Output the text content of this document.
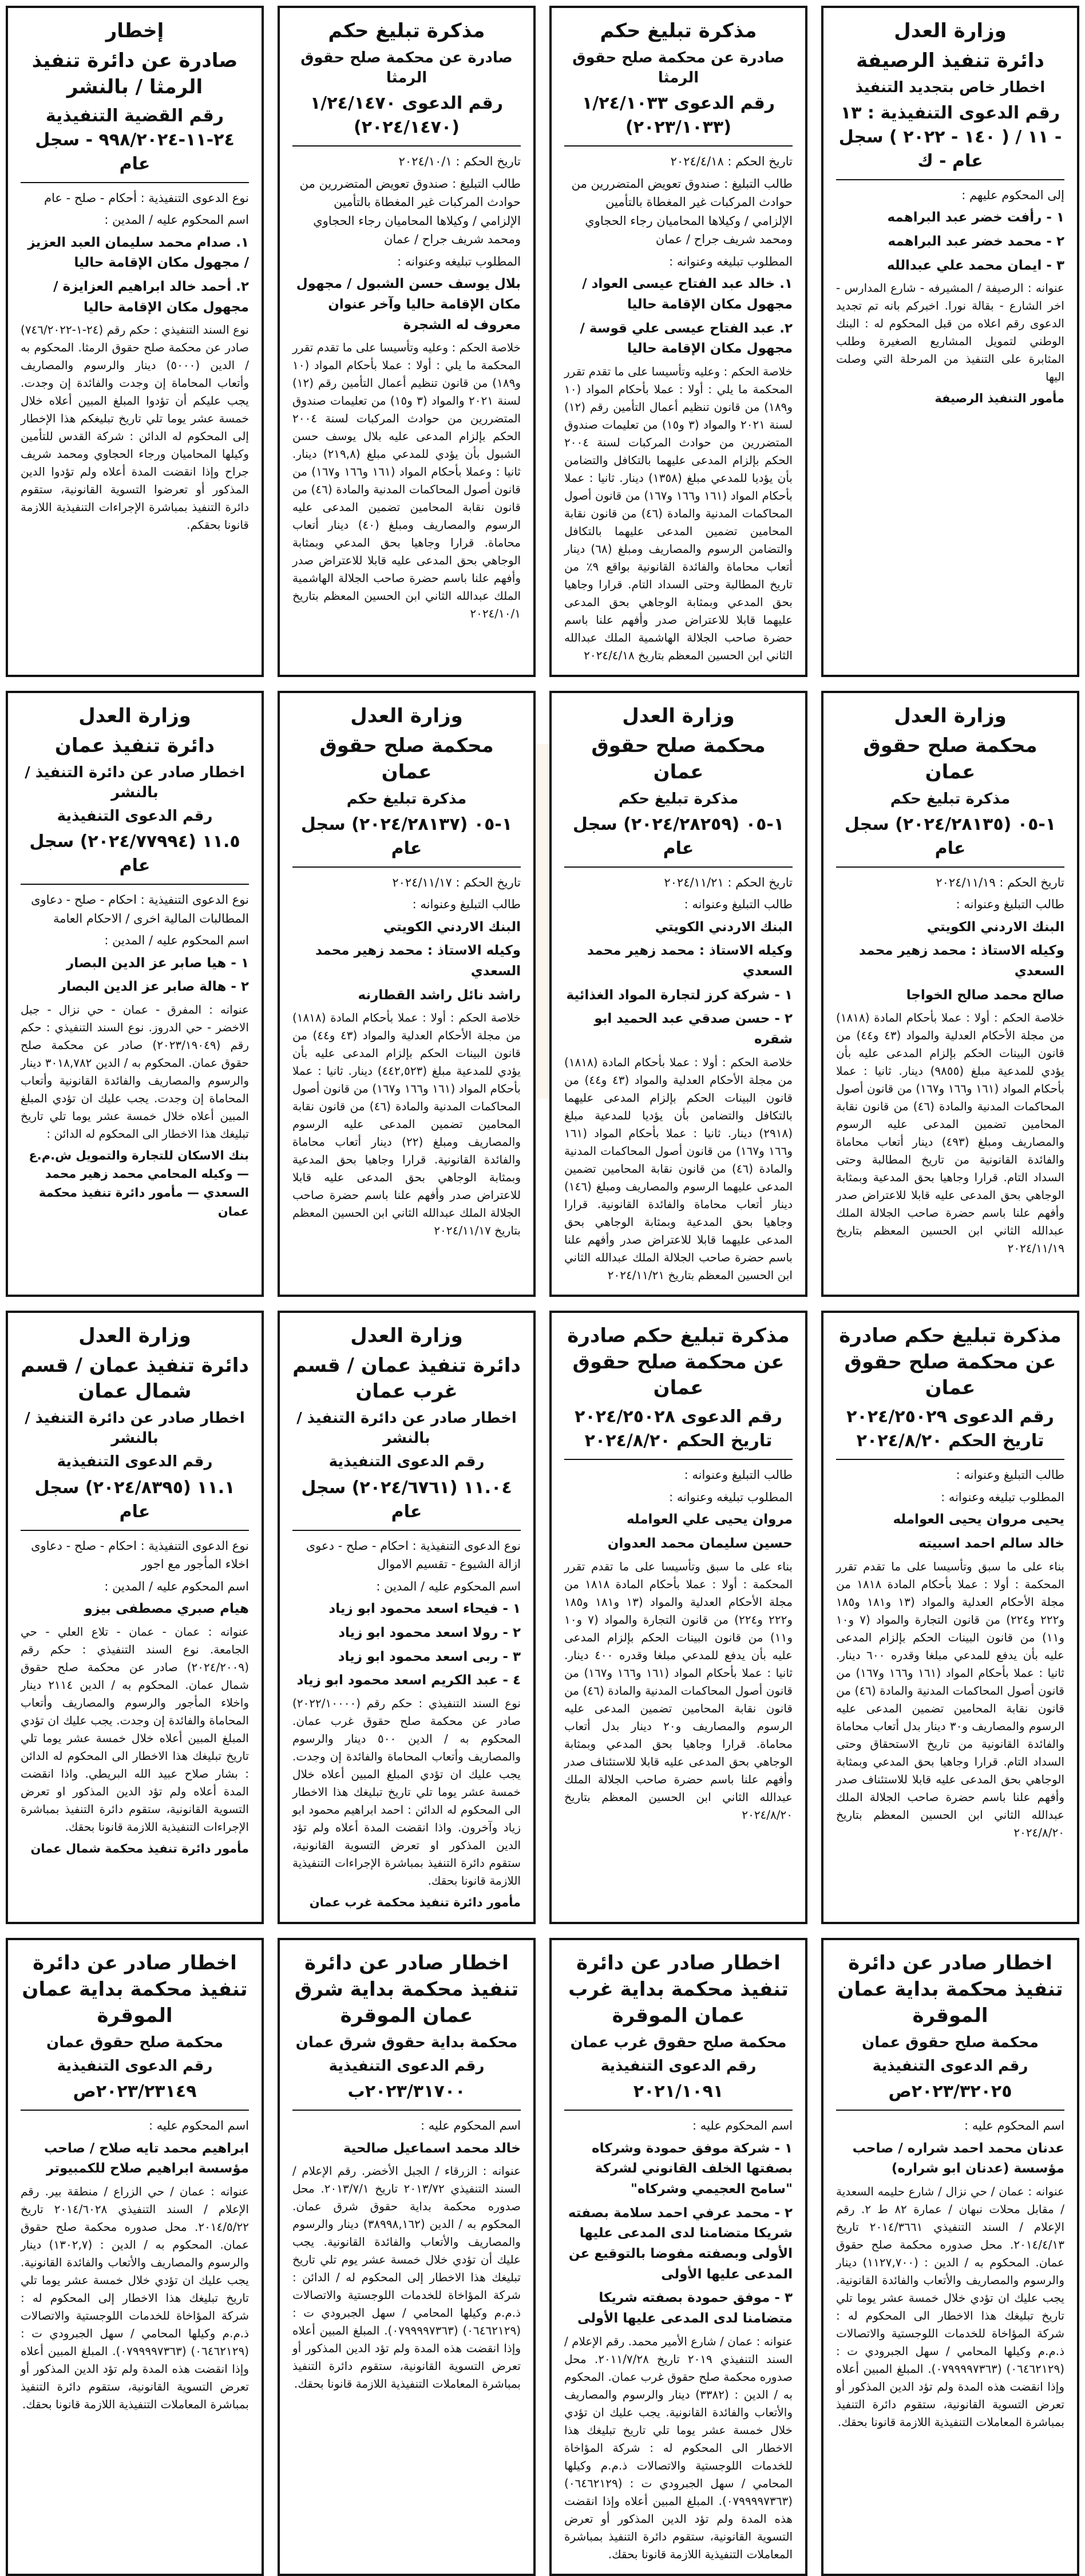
إخطار
صادرة عن دائرة تنفيذ الرمثا / بالنشر
رقم القضية التنفيذية ٢٤-١١-٩٩٨/٢٠٢٤ - سجل عام
نوع الدعوى التنفيذية : أحكام - صلح - عام
اسم المحكوم عليه / المدين :
١. صدام محمد سليمان العبد العزيز / مجهول مكان الإقامة حاليا
٢. أحمد خالد ابراهيم العزايزة / مجهول مكان الإقامة حاليا
نوع السند التنفيذي : حكم رقم (٢٤-١-٧٤٦/٢٠٢٢) صادر عن محكمة صلح حقوق الرمثا. المحكوم به / الدين (٥٠٠٠) دينار والرسوم والمصاريف وأتعاب المحاماة إن وجدت والفائدة إن وجدت. يجب عليكم أن تؤدوا المبلغ المبين أعلاه خلال خمسة عشر يوما تلي تاريخ تبليغكم هذا الإخطار إلى المحكوم له الدائن : شركة القدس للتأمين وكيلها المحاميان ورجاء الحجاوي ومحمد شريف جراح وإذا انقضت المدة أعلاه ولم تؤدوا الدين المذكور أو تعرضوا التسوية القانونية، ستقوم دائرة التنفيذ بمباشرة الإجراءات التنفيذية اللازمة قانونا بحقكم.
مذكرة تبليغ حكم
صادرة عن محكمة صلح حقوق الرمثا
رقم الدعوى ١/٢٤/١٤٧٠ (٢٠٢٤/١٤٧٠)
تاريخ الحكم : ٢٠٢٤/١٠/١
طالب التبليغ : صندوق تعويض المتضررين من حوادث المركبات غير المغطاة بالتأمين الإلزامي / وكيلاها المحاميان رجاء الحجاوي ومحمد شريف جراح / عمان
المطلوب تبليغه وعنوانه :
بلال يوسف حسن الشبول / مجهول مكان الإقامة حاليا وآخر عنوان معروف له الشجرة
خلاصة الحكم : وعليه وتأسيسا على ما تقدم تقرر المحكمة ما يلي : أولا : عملا بأحكام المواد (١٠ و١٨٩) من قانون تنظيم أعمال التأمين رقم (١٢) لسنة ٢٠٢١ والمواد (٣ و١٥) من تعليمات صندوق المتضررين من حوادث المركبات لسنة ٢٠٠٤ الحكم بإلزام المدعى عليه بلال يوسف حسن الشبول بأن يؤدي للمدعي مبلغ (٢١٩,٨) دينار. ثانيا : وعملا بأحكام المواد (١٦١ و١٦٦ و١٦٧) من قانون أصول المحاكمات المدنية والمادة (٤٦) من قانون نقابة المحامين تضمين المدعى عليه الرسوم والمصاريف ومبلغ (٤٠) دينار أتعاب محاماة. قرارا وجاهيا بحق المدعي وبمثابة الوجاهي بحق المدعى عليه قابلا للاعتراض صدر وأفهم علنا باسم حضرة صاحب الجلالة الهاشمية الملك عبدالله الثاني ابن الحسين المعظم بتاريخ ٢٠٢٤/١٠/١
مذكرة تبليغ حكم
صادرة عن محكمة صلح حقوق الرمثا
رقم الدعوى ١/٢٤/١٠٣٣ (٢٠٢٣/١٠٣٣)
تاريخ الحكم : ٢٠٢٤/٤/١٨
طالب التبليغ : صندوق تعويض المتضررين من حوادث المركبات غير المغطاة بالتأمين الإلزامي / وكيلاها المحاميان رجاء الحجاوي ومحمد شريف جراح / عمان
المطلوب تبليغه وعنوانه :
١. خالد عبد الفتاح عيسى العواد / مجهول مكان الإقامة حاليا
٢. عبد الفتاح عيسى علي قوسة / مجهول مكان الإقامة حاليا
خلاصة الحكم : وعليه وتأسيسا على ما تقدم تقرر المحكمة ما يلي : أولا : عملا بأحكام المواد (١٠ و١٨٩) من قانون تنظيم أعمال التأمين رقم (١٢) لسنة ٢٠٢١ والمواد (٣ و١٥) من تعليمات صندوق المتضررين من حوادث المركبات لسنة ٢٠٠٤ الحكم بإلزام المدعى عليهما بالتكافل والتضامن بأن يؤديا للمدعي مبلغ (١٣٥٨) دينار. ثانيا : عملا بأحكام المواد (١٦١ و١٦٦ و١٦٧) من قانون أصول المحاكمات المدنية والمادة (٤٦) من قانون نقابة المحامين تضمين المدعى عليهما بالتكافل والتضامن الرسوم والمصاريف ومبلغ (٦٨) دينار أتعاب محاماة والفائدة القانونية بواقع ٩٪ من تاريخ المطالبة وحتى السداد التام. قرارا وجاهيا بحق المدعي وبمثابة الوجاهي بحق المدعى عليهما قابلا للاعتراض صدر وأفهم علنا باسم حضرة صاحب الجلالة الهاشمية الملك عبدالله الثاني ابن الحسين المعظم بتاريخ ٢٠٢٤/٤/١٨
وزارة العدل
دائرة تنفيذ الرصيفة
اخطار خاص بتجديد التنفيذ
رقم الدعوى التنفيذية : ١٣ - ١١ / ( ١٤٠ - ٢٠٢٢ ) سجل عام - ك
إلى المحكوم عليهم :
١ - رأفت خضر عبد البراهمه
٢ - محمد خضر عبد البراهمه
٣ - ايمان محمد علي عبدالله
عنوانه : الرصيفة / المشيرفه - شارع المدارس - اخر الشارع - بقالة نورا. اخبركم بانه تم تجديد الدعوى رقم اعلاه من قبل المحكوم له : البنك الوطني لتمويل المشاريع الصغيرة وطلب المثابرة على التنفيذ من المرحلة التي وصلت اليها
مأمور التنفيذ الرصيفة
وزارة العدل
دائرة تنفيذ عمان
اخطار صادر عن دائرة التنفيذ / بالنشر
رقم الدعوى التنفيذية
١١.٥ (٢٠٢٤/٧٧٩٩٤) سجل عام
نوع الدعوى التنفيذية : احكام - صلح - دعاوى المطالبات المالية اخرى / الاحكام العامة
اسم المحكوم عليه / المدين :
١ - هيا صابر عز الدين البصار
٢ - هالة صابر عز الدين البصار
عنوانه : المفرق - عمان - حي نزال - جبل الاخضر - حي الدروز. نوع السند التنفيذي : حكم رقم (٢٠٢٣/١٩٠٤٩) صادر عن محكمة صلح حقوق عمان. المحكوم به / الدين ٣٠١٨,٧٨٢ دينار والرسوم والمصاريف والفائدة القانونية وأتعاب المحاماة إن وجدت. يجب عليك ان تؤدي المبلغ المبين أعلاه خلال خمسة عشر يوما تلي تاريخ تبليغك هذا الاخطار الى المحكوم له الدائن :
بنك الاسكان للتجارة والتمويل ش.م.ع — وكيله المحامي محمد زهير محمد السعدي — مأمور دائرة تنفيذ محكمة عمان
وزارة العدل
محكمة صلح حقوق عمان
مذكرة تبليغ حكم
١-٠٥ (٢٠٢٤/٢٨١٣٧) سجل عام
تاريخ الحكم : ٢٠٢٤/١١/١٧
طالب التبليغ وعنوانه :
البنك الاردني الكويتي
وكيله الاستاذ : محمد زهير محمد السعدي
راشد نائل راشد القطارنه
خلاصة الحكم : أولا : عملا بأحكام المادة (١٨١٨) من مجلة الأحكام العدلية والمواد (٤٣ و٤٤) من قانون البينات الحكم بإلزام المدعى عليه بأن يؤدي للمدعية مبلغ (٤٤٢,٥٢٣) دينار. ثانيا : عملا بأحكام المواد (١٦١ و١٦٦ و١٦٧) من قانون أصول المحاكمات المدنية والمادة (٤٦) من قانون نقابة المحامين تضمين المدعى عليه الرسوم والمصاريف ومبلغ (٢٢) دينار أتعاب محاماة والفائدة القانونية. قرارا وجاهيا بحق المدعية وبمثابة الوجاهي بحق المدعى عليه قابلا للاعتراض صدر وأفهم علنا باسم حضرة صاحب الجلالة الملك عبدالله الثاني ابن الحسين المعظم بتاريخ ٢٠٢٤/١١/١٧
وزارة العدل
محكمة صلح حقوق عمان
مذكرة تبليغ حكم
١-٠٥ (٢٠٢٤/٢٨٢٥٩) سجل عام
تاريخ الحكم : ٢٠٢٤/١١/٢١
طالب التبليغ وعنوانه :
البنك الاردني الكويتي
وكيله الاستاذ : محمد زهير محمد السعدي
١ - شركة كرز لتجارة المواد الغذائية
٢ - حسن صدقي عبد الحميد ابو شقره
خلاصة الحكم : أولا : عملا بأحكام المادة (١٨١٨) من مجلة الأحكام العدلية والمواد (٤٣ و٤٤) من قانون البينات الحكم بإلزام المدعى عليهما بالتكافل والتضامن بأن يؤديا للمدعية مبلغ (٢٩١٨) دينار. ثانيا : عملا بأحكام المواد (١٦١ و١٦٦ و١٦٧) من قانون أصول المحاكمات المدنية والمادة (٤٦) من قانون نقابة المحامين تضمين المدعى عليهما الرسوم والمصاريف ومبلغ (١٤٦) دينار أتعاب محاماة والفائدة القانونية. قرارا وجاهيا بحق المدعية وبمثابة الوجاهي بحق المدعى عليهما قابلا للاعتراض صدر وأفهم علنا باسم حضرة صاحب الجلالة الملك عبدالله الثاني ابن الحسين المعظم بتاريخ ٢٠٢٤/١١/٢١
وزارة العدل
محكمة صلح حقوق عمان
مذكرة تبليغ حكم
١-٠٥ (٢٠٢٤/٢٨١٣٥) سجل عام
تاريخ الحكم : ٢٠٢٤/١١/١٩
طالب التبليغ وعنوانه :
البنك الاردني الكويتي
وكيله الاستاذ : محمد زهير محمد السعدي
صالح محمد صالح الخواجا
خلاصة الحكم : أولا : عملا بأحكام المادة (١٨١٨) من مجلة الأحكام العدلية والمواد (٤٣ و٤٤) من قانون البينات الحكم بإلزام المدعى عليه بأن يؤدي للمدعية مبلغ (٩٨٥٥) دينار. ثانيا : عملا بأحكام المواد (١٦١ و١٦٦ و١٦٧) من قانون أصول المحاكمات المدنية والمادة (٤٦) من قانون نقابة المحامين تضمين المدعى عليه الرسوم والمصاريف ومبلغ (٤٩٣) دينار أتعاب محاماة والفائدة القانونية من تاريخ المطالبة وحتى السداد التام. قرارا وجاهيا بحق المدعية وبمثابة الوجاهي بحق المدعى عليه قابلا للاعتراض صدر وأفهم علنا باسم حضرة صاحب الجلالة الملك عبدالله الثاني ابن الحسين المعظم بتاريخ ٢٠٢٤/١١/١٩
وزارة العدل
دائرة تنفيذ عمان / قسم شمال عمان
اخطار صادر عن دائرة التنفيذ / بالنشر
رقم الدعوى التنفيذية
١١.١ (٢٠٢٤/٨٣٩٥) سجل عام
نوع الدعوى التنفيذية : احكام - صلح - دعاوى اخلاء المأجور مع اجور
اسم المحكوم عليه / المدين :
هيام صبري مصطفى بيزو
عنوانه : عمان - عمان - تلاع العلي - حي الجامعة. نوع السند التنفيذي : حكم رقم (٢٠٢٤/٢٠٠٩) صادر عن محكمة صلح حقوق شمال عمان. المحكوم به / الدين ٢١١٤ دينار واخلاء المأجور والرسوم والمصاريف وأتعاب المحاماة والفائدة إن وجدت. يجب عليك ان تؤدي المبلغ المبين أعلاه خلال خمسة عشر يوما تلي تاريخ تبليغك هذا الاخطار الى المحكوم له الدائن : بشار صلاح عبيد الله البريطي. واذا انقضت المدة أعلاه ولم تؤد الدين المذكور او تعرض التسوية القانونية، ستقوم دائرة التنفيذ بمباشرة الإجراءات التنفيذية اللازمة قانونا بحقك.
مأمور دائرة تنفيذ محكمة شمال عمان
وزارة العدل
دائرة تنفيذ عمان / قسم غرب عمان
اخطار صادر عن دائرة التنفيذ / بالنشر
رقم الدعوى التنفيذية
١١.٠٤ (٢٠٢٤/٦٧٦١) سجل عام
نوع الدعوى التنفيذية : احكام - صلح - دعوى ازالة الشيوع - تقسيم الاموال
اسم المحكوم عليه / المدين :
١ - فيحاء اسعد محمود ابو زياد
٢ - رولا اسعد محمود ابو زياد
٣ - ربى اسعد محمود ابو زياد
٤ - عبد الكريم اسعد محمود ابو زياد
نوع السند التنفيذي : حكم رقم (٢٠٢٢/١٠٠٠٠) صادر عن محكمة صلح حقوق غرب عمان. المحكوم به / الدين ٥٠٠ دينار والرسوم والمصاريف وأتعاب المحاماة والفائدة إن وجدت. يجب عليك ان تؤدي المبلغ المبين أعلاه خلال خمسة عشر يوما تلي تاريخ تبليغك هذا الاخطار الى المحكوم له الدائن : احمد ابراهيم محمود ابو زياد وآخرون. واذا انقضت المدة أعلاه ولم تؤد الدين المذكور او تعرض التسوية القانونية، ستقوم دائرة التنفيذ بمباشرة الإجراءات التنفيذية اللازمة قانونا بحقك.
مأمور دائرة تنفيذ محكمة غرب عمان
مذكرة تبليغ حكم صادرة عن محكمة صلح حقوق عمان
رقم الدعوى ٢٠٢٤/٢٥٠٢٨ تاريخ الحكم ٢٠٢٤/٨/٢٠
طالب التبليغ وعنوانه :
المطلوب تبليغه وعنوانه :
مروان يحيى علي العوامله
حسين سليمان محمد العدوان
بناء على ما سبق وتأسيسا على ما تقدم تقرر المحكمة : أولا : عملا بأحكام المادة ١٨١٨ من مجلة الأحكام العدلية والمواد (١٣ و١٨١ و١٨٥ و٢٢٢ و٢٢٤) من قانون التجارة والمواد (٧ و١٠ و١١) من قانون البينات الحكم بإلزام المدعى عليه بأن يدفع للمدعي مبلغا وقدره ٤٠٠ دينار. ثانيا : عملا بأحكام المواد (١٦١ و١٦٦ و١٦٧) من قانون أصول المحاكمات المدنية والمادة (٤٦) من قانون نقابة المحامين تضمين المدعى عليه الرسوم والمصاريف و٢٠ دينار بدل أتعاب محاماة. قرارا وجاهيا بحق المدعي وبمثابة الوجاهي بحق المدعى عليه قابلا للاستئناف صدر وأفهم علنا باسم حضرة صاحب الجلالة الملك عبدالله الثاني ابن الحسين المعظم بتاريخ ٢٠٢٤/٨/٢٠
مذكرة تبليغ حكم صادرة عن محكمة صلح حقوق عمان
رقم الدعوى ٢٠٢٤/٢٥٠٢٩ تاريخ الحكم ٢٠٢٤/٨/٢٠
طالب التبليغ وعنوانه :
المطلوب تبليغه وعنوانه :
يحيى مروان يحيى العوامله
خالد سالم احمد اسبيته
بناء على ما سبق وتأسيسا على ما تقدم تقرر المحكمة : أولا : عملا بأحكام المادة ١٨١٨ من مجلة الأحكام العدلية والمواد (١٣ و١٨١ و١٨٥ و٢٢٢ و٢٢٤) من قانون التجارة والمواد (٧ و١٠ و١١) من قانون البينات الحكم بإلزام المدعى عليه بأن يدفع للمدعي مبلغا وقدره ٦٠٠ دينار. ثانيا : عملا بأحكام المواد (١٦١ و١٦٦ و١٦٧) من قانون أصول المحاكمات المدنية والمادة (٤٦) من قانون نقابة المحامين تضمين المدعى عليه الرسوم والمصاريف و٣٠ دينار بدل أتعاب محاماة والفائدة القانونية من تاريخ الاستحقاق وحتى السداد التام. قرارا وجاهيا بحق المدعي وبمثابة الوجاهي بحق المدعى عليه قابلا للاستئناف صدر وأفهم علنا باسم حضرة صاحب الجلالة الملك عبدالله الثاني ابن الحسين المعظم بتاريخ ٢٠٢٤/٨/٢٠
اخطار صادر عن دائرة تنفيذ محكمة بداية عمان الموقرة
محكمة صلح حقوق عمان
رقم الدعوى التنفيذية
٢٠٢٣/٢٣١٤٩ص
اسم المحكوم عليه :
ابراهيم محمد تايه صلاح / صاحب مؤسسة ابراهيم صلاح للكمبيوتر
عنوانه : عمان / حي الزراع / منطقة بير. رقم الإعلام / السند التنفيذي ٢٠١٤/٦٠٢٨ تاريخ ٢٠١٤/٥/٢٢. محل صدوره محكمة صلح حقوق عمان. المحكوم به / الدين : (١٣٠٢,٧) دينار والرسوم والمصاريف والأتعاب والفائدة القانونية. يجب عليك ان تؤدي خلال خمسة عشر يوما تلي تاريخ تبليغك هذا الاخطار إلى المحكوم له : شركة المؤاخاة للخدمات اللوجستية والاتصالات ذ.م.م وكيلها المحامي / سهل الجبرودي ت : (٠٦٤٦٢١٢٩) (٠٧٩٩٩٩٧٣٦٣). المبلغ المبين أعلاه وإذا انقضت هذه المدة ولم تؤد الدين المذكور أو تعرض التسوية القانونية، ستقوم دائرة التنفيذ بمباشرة المعاملات التنفيذية اللازمة قانونا بحقك.
اخطار صادر عن دائرة تنفيذ محكمة بداية شرق عمان الموقرة
محكمة بداية حقوق شرق عمان
رقم الدعوى التنفيذية
٢٠٢٣/٣١٧٠٠ب
اسم المحكوم عليه :
خالد محمد اسماعيل صالحية
عنوانه : الزرقاء / الجبل الأخضر. رقم الإعلام / السند التنفيذي ٢٠١٣/٧٢ تاريخ ٢٠١٣/٧/١. محل صدوره محكمة بداية حقوق شرق عمان. المحكوم به / الدين (٣٨٩٩٨,١٦٢) دينار والرسوم والمصاريف والأتعاب والفائدة القانونية. يجب عليك أن تؤدي خلال خمسة عشر يوم تلي تاريخ تبليغك هذا الاخطار إلى المحكوم له / الدائن : شركة المؤاخاة للخدمات اللوجستية والاتصالات ذ.م.م وكيلها المحامي / سهل الجبرودي ت : (٠٦٤٦٢١٢٩) (٠٧٩٩٩٩٧٣٦٣). المبلغ المبين أعلاه وإذا انقضت هذه المدة ولم تؤد الدين المذكور أو تعرض التسوية القانونية، ستقوم دائرة التنفيذ بمباشرة المعاملات التنفيذية اللازمة قانونا بحقك.
اخطار صادر عن دائرة تنفيذ محكمة بداية غرب عمان الموقرة
محكمة صلح حقوق غرب عمان
رقم الدعوى التنفيذية
٢٠٢١/١٠٩١
اسم المحكوم عليه :
١ - شركة موفق حمودة وشركاه بصفتها الخلف القانوني لشركة "سامح العجيمي وشركاه"
٢ - محمد عرفي احمد سلامة بصفته شريكا متضامنا لدى المدعى عليها الأولى وبصفته مفوضا بالتوقيع عن المدعى عليها الأولى
٣ - موفق حمودة بصفته شريكا متضامنا لدى المدعى عليها الأولى
عنوانه : عمان / شارع الأمير محمد. رقم الإعلام / السند التنفيذي ٢٠١٩ تاريخ ٢٠١١/٧/٢٨. محل صدوره محكمة صلح حقوق غرب عمان. المحكوم به / الدين : (٣٣٨٢) دينار والرسوم والمصاريف والأتعاب والفائدة القانونية. يجب عليك ان تؤدي خلال خمسة عشر يوما تلي تاريخ تبليغك هذا الاخطار الى المحكوم له : شركة المؤاخاة للخدمات اللوجستية والاتصالات ذ.م.م وكيلها المحامي / سهل الجبرودي ت : (٠٦٤٦٢١٢٩) (٠٧٩٩٩٩٧٣٦٣). المبلغ المبين أعلاه وإذا انقضت هذه المدة ولم تؤد الدين المذكور أو تعرض التسوية القانونية، ستقوم دائرة التنفيذ بمباشرة المعاملات التنفيذية اللازمة قانونا بحقك.
اخطار صادر عن دائرة تنفيذ محكمة بداية عمان الموقرة
محكمة صلح حقوق عمان
رقم الدعوى التنفيذية
٢٠٢٣/٣٢٠٢٥ص
اسم المحكوم عليه :
عدنان محمد احمد شراره / صاحب مؤسسة (عدنان ابو شراره)
عنوانه : عمان / حي نزال / شارع حليمه السعدية / مقابل محلات نبهان / عمارة ٨٢ ط ٢. رقم الإعلام / السند التنفيذي ٢٠١٤/٣٦٦١ تاريخ ٢٠١٤/٤/١٣. محل صدوره محكمة صلح حقوق عمان. المحكوم به / الدين : (١١٢٧,٧٠٠) دينار والرسوم والمصاريف والأتعاب والفائدة القانونية. يجب عليك ان تؤدي خلال خمسة عشر يوما تلي تاريخ تبليغك هذا الاخطار الى المحكوم له : شركة المؤاخاة للخدمات اللوجستية والاتصالات ذ.م.م وكيلها المحامي / سهل الجبرودي ت : (٠٦٤٦٢١٢٩) (٠٧٩٩٩٩٧٣٦٣). المبلغ المبين أعلاه وإذا انقضت هذه المدة ولم تؤد الدين المذكور أو تعرض التسوية القانونية، ستقوم دائرة التنفيذ بمباشرة المعاملات التنفيذية اللازمة قانونا بحقك.
